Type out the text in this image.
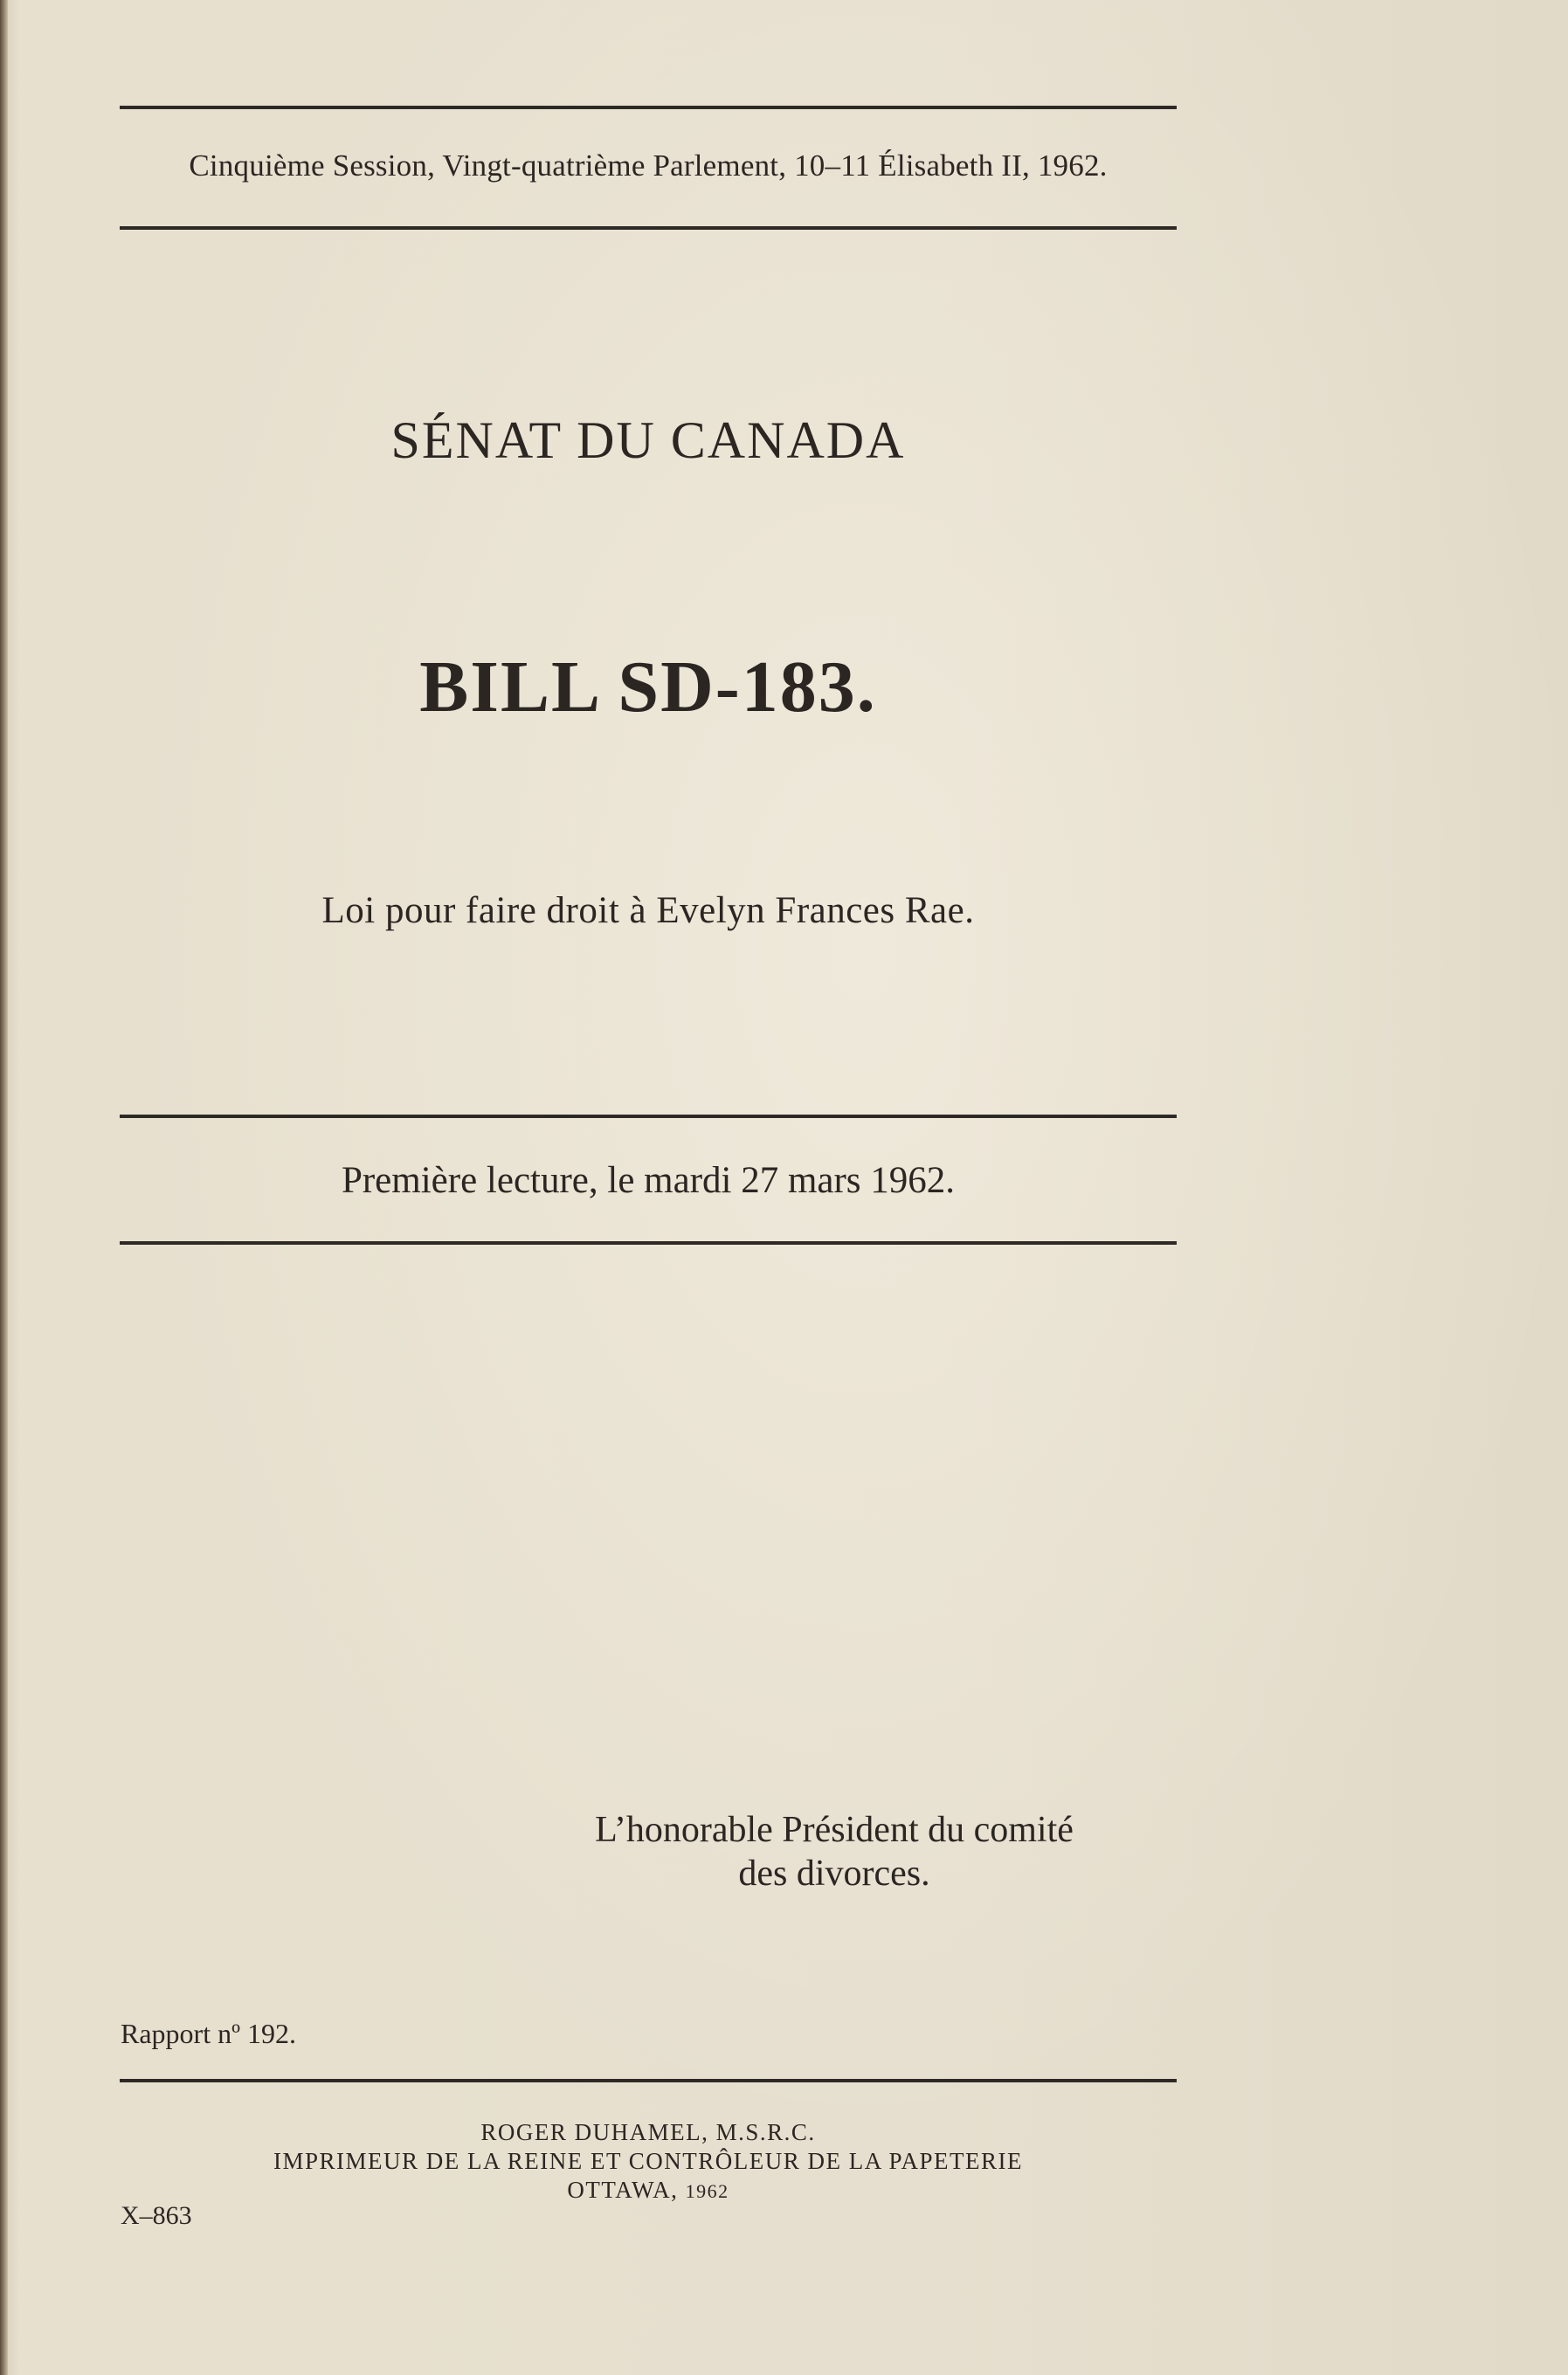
Cinquième Session, Vingt-quatrième Parlement, 10–11 Élisabeth II, 1962.
SÉNAT DU CANADA
BILL SD-183.
Loi pour faire droit à Evelyn Frances Rae.
Première lecture, le mardi 27 mars 1962.
L’honorable Président du comité
des divorces.
Rapport nº 192.
ROGER DUHAMEL, M.S.R.C.
IMPRIMEUR DE LA REINE ET CONTRÔLEUR DE LA PAPETERIE
OTTAWA, 1962
X–863
